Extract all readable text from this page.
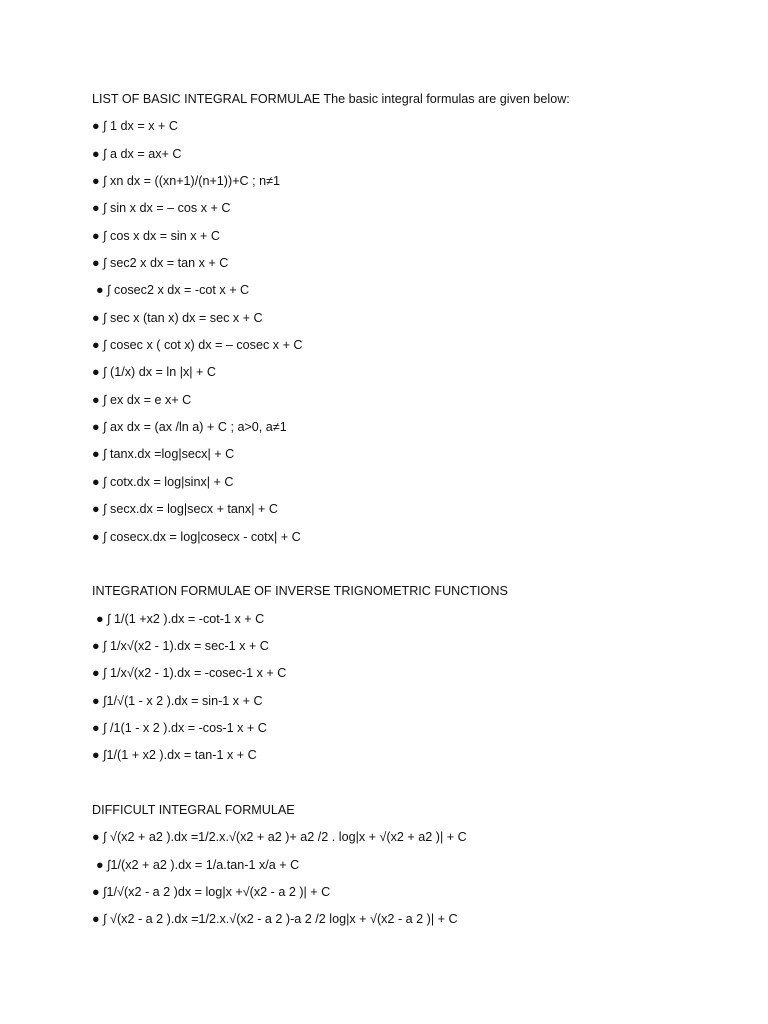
LIST OF BASIC INTEGRAL FORMULAE The basic integral formulas are given below:
● ∫ 1 dx = x + C
● ∫ a dx = ax+ C
● ∫ xn dx = ((xn+1)/(n+1))+C ; n≠1
● ∫ sin x dx = – cos x + C
● ∫ cos x dx = sin x + C
● ∫ sec2 x dx = tan x + C
● ∫ cosec2 x dx = -cot x + C
● ∫ sec x (tan x) dx = sec x + C
● ∫ cosec x ( cot x) dx = – cosec x + C
● ∫ (1/x) dx = ln |x| + C
● ∫ ex dx = e x+ C
● ∫ ax dx = (ax /ln a) + C ; a>0, a≠1
● ∫ tanx.dx =log|secx| + C
● ∫ cotx.dx = log|sinx| + C
● ∫ secx.dx = log|secx + tanx| + C
● ∫ cosecx.dx = log|cosecx - cotx| + C
INTEGRATION FORMULAE OF INVERSE TRIGNOMETRIC FUNCTIONS
● ∫ 1/(1 +x2 ).dx = -cot-1 x + C
● ∫ 1/x√(x2 - 1).dx = sec-1 x + C
● ∫ 1/x√(x2 - 1).dx = -cosec-1 x + C
● ∫1/√(1 - x 2 ).dx = sin-1 x + C
● ∫ /1(1 - x 2 ).dx = -cos-1 x + C
● ∫1/(1 + x2 ).dx = tan-1 x + C
DIFFICULT INTEGRAL FORMULAE
● ∫ √(x2 + a2 ).dx =1/2.x.√(x2 + a2 )+ a2 /2 . log|x + √(x2 + a2 )| + C
● ∫1/(x2 + a2 ).dx = 1/a.tan-1 x/a + C
● ∫1/√(x2 - a 2 )dx = log|x +√(x2 - a 2 )| + C
● ∫ √(x2 - a 2 ).dx =1/2.x.√(x2 - a 2 )-a 2 /2 log|x + √(x2 - a 2 )| + C
